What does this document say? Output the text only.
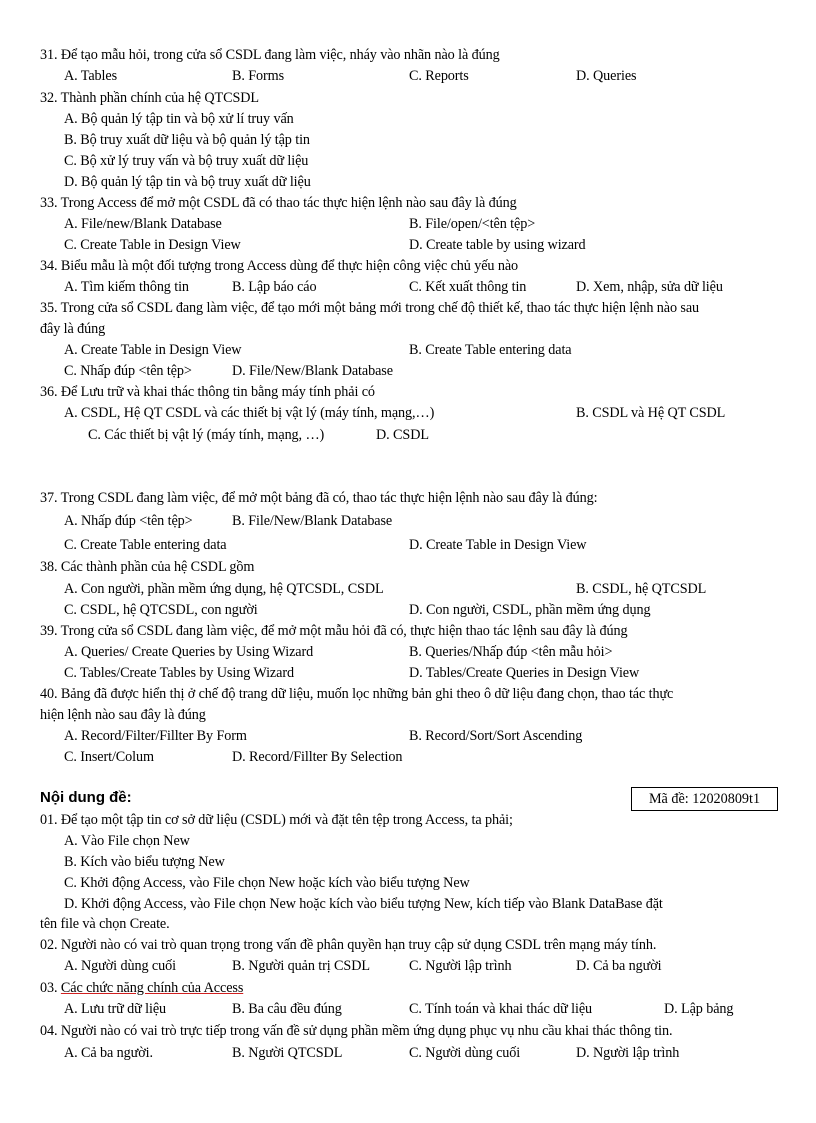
31. Để tạo mẫu hỏi, trong cửa sổ CSDL đang làm việc, nháy vào nhãn nào là đúng
A. Tables	B. Forms	C. Reports	D. Queries
32. Thành phần chính của hệ QTCSDL
A. Bộ quản lý tập tin và bộ xử lí truy vấn
B. Bộ truy xuất dữ liệu và bộ quản lý tập tin
C. Bộ xử lý truy vấn và bộ truy xuất dữ liệu
D. Bộ quản lý tập tin và bộ truy xuất dữ liệu
33. Trong Access để mở một CSDL đã có thao tác thực hiện lệnh nào sau đây là đúng
A. File/new/Blank Database	B. File/open/<tên tệp>
C. Create Table in Design View	D. Create table by using wizard
34. Biểu mẫu là một đối tượng trong Access dùng để thực hiện công việc chủ yếu nào
A. Tìm kiếm thông tin	B. Lập báo cáo	C. Kết xuất thông tin	D. Xem, nhập, sửa dữ liệu
35. Trong cửa sổ CSDL đang làm việc, để tạo mới một bảng mới trong chế độ thiết kế, thao tác thực hiện lệnh nào sau
đây là đúng
A. Create Table in Design View	B. Create Table entering data
C. Nhấp đúp <tên tệp>	D. File/New/Blank Database
36. Để Lưu trữ và khai thác thông tin bằng máy tính phải có
A. CSDL, Hệ QT CSDL và các thiết bị vật lý (máy tính, mạng,…)	B. CSDL và Hệ QT CSDL
C. Các thiết bị vật lý (máy tính, mạng, …)	D. CSDL
37. Trong CSDL đang làm việc, để mở một bảng đã có, thao tác thực hiện lệnh nào sau đây là đúng:
A. Nhấp đúp <tên tệp>	B. File/New/Blank Database
C. Create Table entering data	D. Create Table in Design View
38. Các thành phần của hệ CSDL gồm
A. Con người, phần mềm ứng dụng, hệ QTCSDL, CSDL	B. CSDL, hệ QTCSDL
C. CSDL, hệ QTCSDL, con người	D. Con người, CSDL, phần mềm ứng dụng
39. Trong cửa sổ CSDL đang làm việc, để mở một mẫu hỏi đã có, thực hiện thao tác lệnh sau đây là đúng
A. Queries/ Create Queries by Using Wizard	B. Queries/Nhấp đúp <tên mẫu hỏi>
C. Tables/Create Tables by Using Wizard	D. Tables/Create Queries in Design View
40. Bảng đã được hiển thị ở chế độ trang dữ liệu, muốn lọc những bản ghi theo ô dữ liệu đang chọn, thao tác thực
hiện lệnh nào sau đây là đúng
A. Record/Filter/Fillter By Form	B. Record/Sort/Sort Ascending
C. Insert/Colum	D. Record/Fillter By Selection
Nội dung đề:	Mã đề: 12020809t1
01. Để tạo một tập tin cơ sở dữ liệu (CSDL) mới và đặt tên tệp trong Access, ta phải;
A. Vào File chọn New
B. Kích vào biểu tượng New
C. Khởi động Access, vào File chọn New hoặc kích vào biểu tượng New
D. Khởi động Access, vào File chọn New hoặc kích vào biểu tượng New, kích tiếp vào Blank DataBase đặt
tên file và chọn Create.
02. Người nào có vai trò quan trọng trong vấn đề phân quyền hạn truy cập sử dụng CSDL trên mạng máy tính.
A. Người dùng cuối	B. Người quản trị CSDL	C. Người lập trình	D. Cả ba người
03. Các chức năng chính của Access
A. Lưu trữ dữ liệu	B. Ba câu đều đúng	C. Tính toán và khai thác dữ liệu	D. Lập bảng
04. Người nào có vai trò trực tiếp trong vấn đề sử dụng phần mềm ứng dụng phục vụ nhu cầu khai thác thông tin.
A. Cả ba người.	B. Người QTCSDL	C. Người dùng cuối	D. Người lập trình
